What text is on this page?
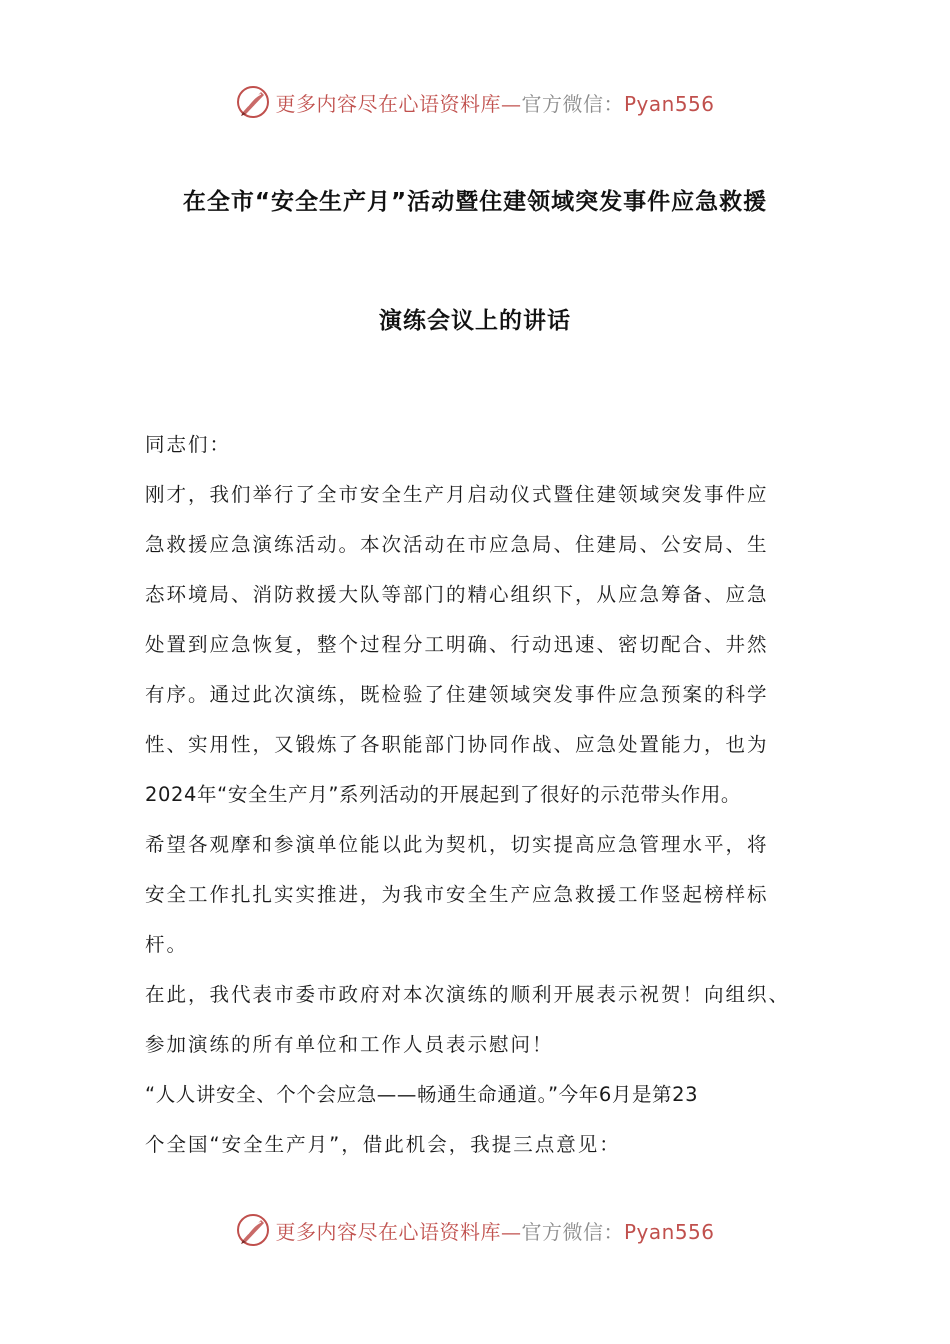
更多内容尽在心语资料库—官方微信：Pyan556
在全市“安全生产月”活动暨住建领域突发事件应急救援
演练会议上的讲话
同志们：
刚才，我们举行了全市安全生产月启动仪式暨住建领域突发事件应
急救援应急演练活动。本次活动在市应急局、住建局、公安局、生
态环境局、消防救援大队等部门的精心组织下，从应急筹备、应急
处置到应急恢复，整个过程分工明确、行动迅速、密切配合、井然
有序。通过此次演练，既检验了住建领域突发事件应急预案的科学
性、实用性，又锻炼了各职能部门协同作战、应急处置能力，也为
2024年“安全生产月”系列活动的开展起到了很好的示范带头作用。
希望各观摩和参演单位能以此为契机，切实提高应急管理水平，将
安全工作扎扎实实推进，为我市安全生产应急救援工作竖起榜样标
杆。
在此，我代表市委市政府对本次演练的顺利开展表示祝贺！向组织、
参加演练的所有单位和工作人员表示慰问！
“人人讲安全、个个会应急——畅通生命通道。”今年6月是第23
个全国“安全生产月”，借此机会，我提三点意见：
更多内容尽在心语资料库—官方微信：Pyan556
